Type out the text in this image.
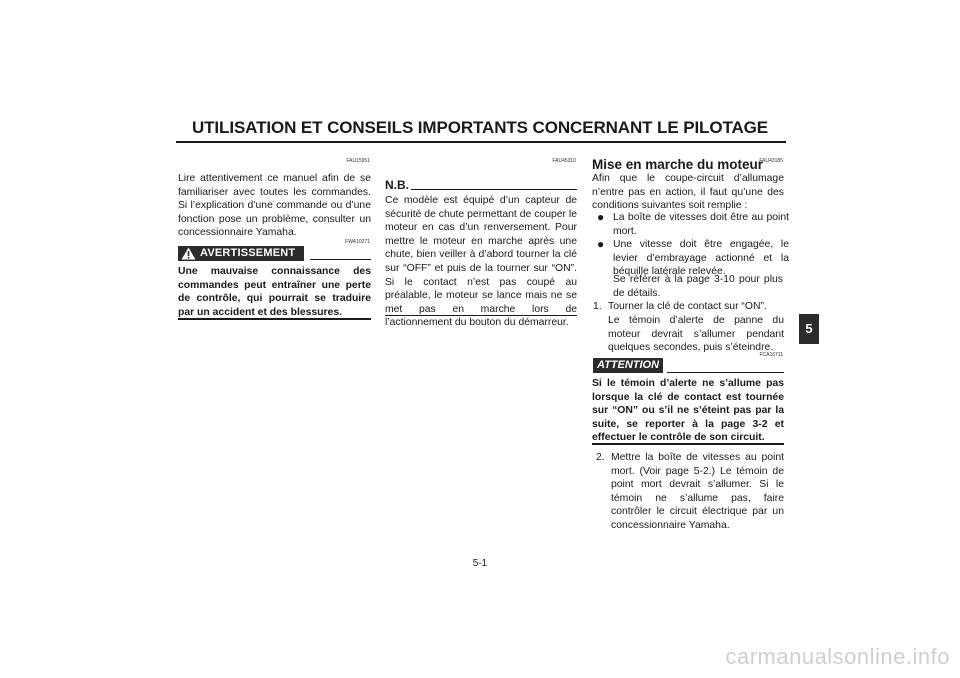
UTILISATION ET CONSEILS IMPORTANTS CONCERNANT LE PILOTAGE
FAU15951
Lire attentivement ce manuel afin de se familiariser avec toutes les commandes. Si l’explication d’une commande ou d’une fonction pose un problème, consulter un concessionnaire Yamaha.
FWA10271
AVERTISSEMENT
Une mauvaise connaissance des commandes peut entraîner une perte de contrôle, qui pourrait se traduire par un accident et des blessures.
FAU45310
N.B.
Ce modèle est équipé d’un capteur de sécurité de chute permettant de couper le moteur en cas d’un renversement. Pour mettre le moteur en marche après une chute, bien veiller à d’abord tourner la clé sur “OFF” et puis de la tourner sur “ON”. Si le contact n’est pas coupé au préalable, le moteur se lance mais ne se met pas en marche lors de l’actionnement du bouton du démarreur.
FAU43185
Mise en marche du moteur
Afin que le coupe-circuit d’allumage n’entre pas en action, il faut qu’une des conditions suivantes soit remplie :
● La boîte de vitesses doit être au point mort.
● Une vitesse doit être engagée, le levier d’embrayage actionné et la béquille latérale relevée.
Se référer à la page 3-10 pour plus de détails.
1. Tourner la clé de contact sur “ON”.
Le témoin d’alerte de panne du moteur devrait s’allumer pendant quelques secondes, puis s’éteindre.
FCA16711
ATTENTION
Si le témoin d’alerte ne s’allume pas lorsque la clé de contact est tournée sur “ON” ou s’il ne s’éteint pas par la suite, se reporter à la page 3-2 et effectuer le contrôle de son circuit.
2. Mettre la boîte de vitesses au point mort. (Voir page 5-2.) Le témoin de point mort devrait s’allumer. Si le témoin ne s’allume pas, faire contrôler le circuit électrique par un concessionnaire Yamaha.
5
5-1
carmanualsonline.info
